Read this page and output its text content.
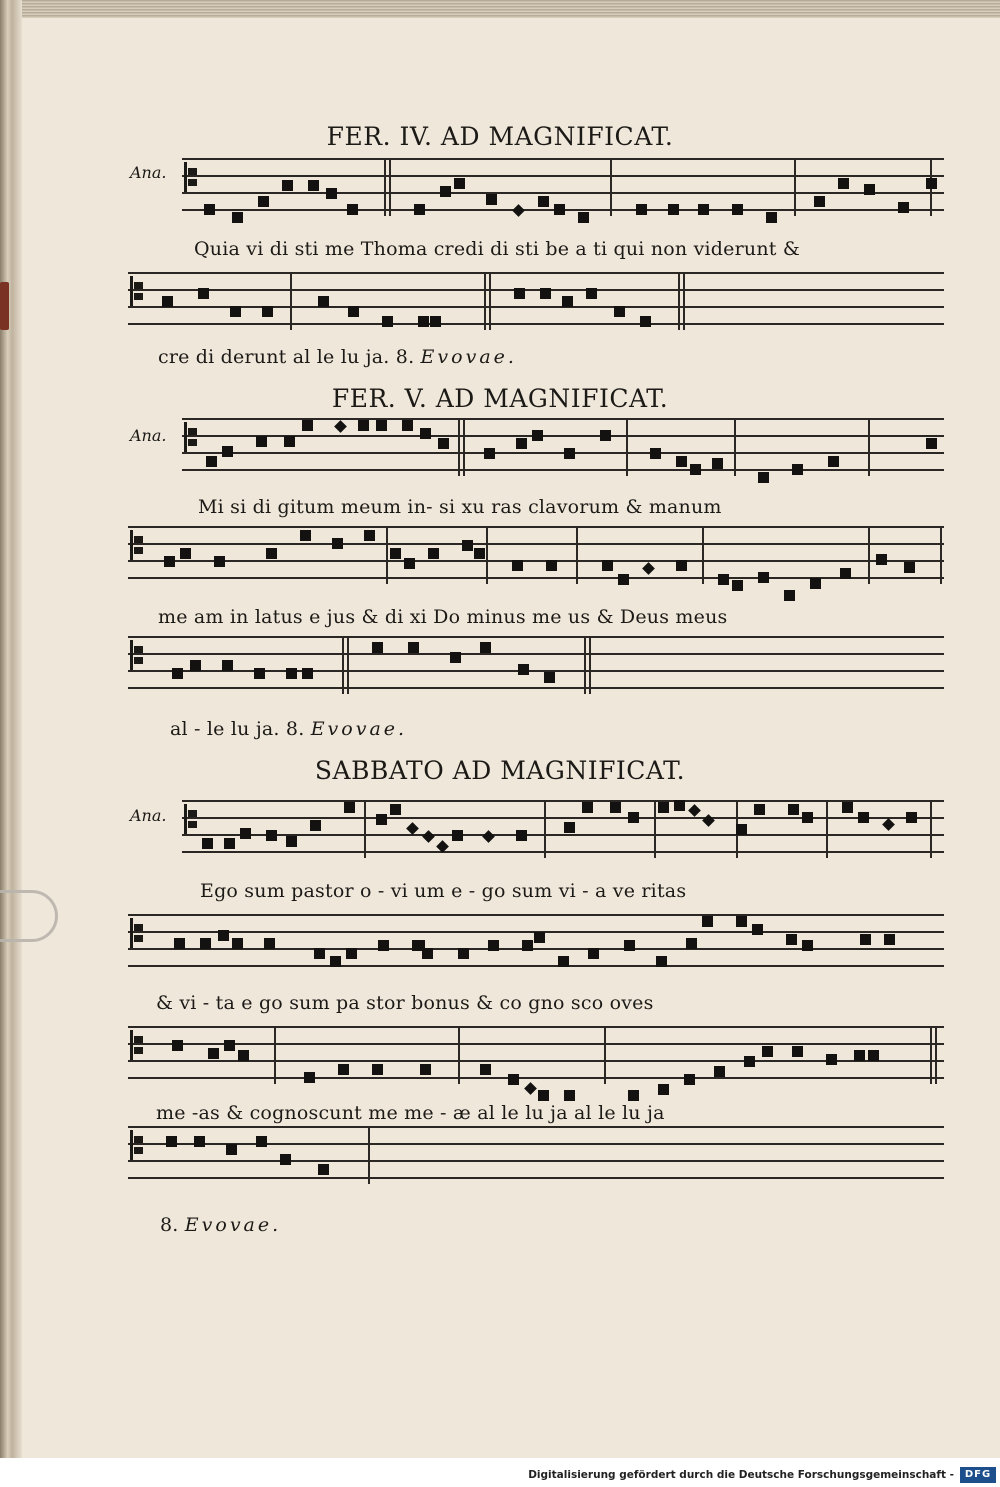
FER. IV. AD MAGNIFICAT.
Ana.
Quia vi di sti me Thoma credi di sti be a ti qui non viderunt &
cre di derunt al le lu ja. 8. Evovae.
FER. V. AD MAGNIFICAT.
Ana.
Mi si di gitum meum in- si xu ras clavorum & manum
me am in latus e jus & di xi Do minus me us & Deus meus
al - le lu ja. 8. Evovae.
SABBATO AD MAGNIFICAT.
Ana.
Ego sum pastor o - vi um e - go sum vi - a ve ritas
& vi - ta e go sum pa stor bonus & co gno sco oves
me -as & cognoscunt me me - æ al le lu ja al le lu ja
8. Evovae.
Digitalisierung gefördert durch die Deutsche Forschungsgemeinschaft -	DFG
